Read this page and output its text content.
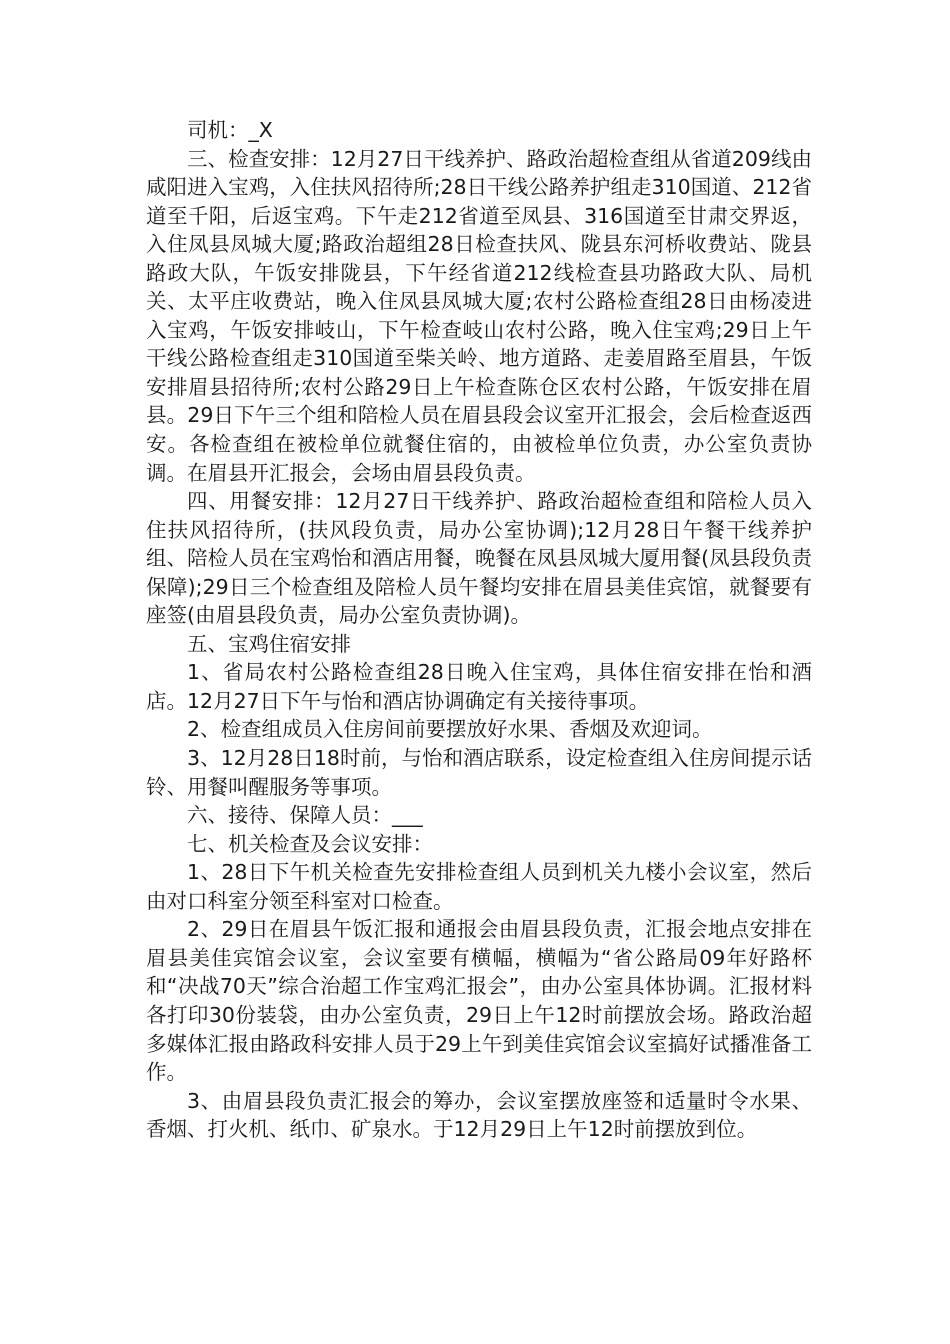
司机：_X

三、检查安排：12月27日干线养护、路政治超检查组从省道209线由咸阳进入宝鸡，入住扶风招待所;28日干线公路养护组走310国道、212省道至千阳，后返宝鸡。下午走212省道至凤县、316国道至甘肃交界返，入住凤县凤城大厦;路政治超组28日检查扶风、陇县东河桥收费站、陇县路政大队，午饭安排陇县，下午经省道212线检查县功路政大队、局机关、太平庄收费站，晚入住凤县凤城大厦;农村公路检查组28日由杨凌进入宝鸡，午饭安排岐山，下午检查岐山农村公路，晚入住宝鸡;29日上午干线公路检查组走310国道至柴关岭、地方道路、走姜眉路至眉县，午饭安排眉县招待所;农村公路29日上午检查陈仓区农村公路，午饭安排在眉县。29日下午三个组和陪检人员在眉县段会议室开汇报会，会后检查返西安。各检查组在被检单位就餐住宿的，由被检单位负责，办公室负责协调。在眉县开汇报会，会场由眉县段负责。

四、用餐安排：12月27日干线养护、路政治超检查组和陪检人员入住扶风招待所，(扶风段负责，局办公室协调);12月28日午餐干线养护组、陪检人员在宝鸡怡和酒店用餐，晚餐在凤县凤城大厦用餐(凤县段负责保障);29日三个检查组及陪检人员午餐均安排在眉县美佳宾馆，就餐要有座签(由眉县段负责，局办公室负责协调)。

五、宝鸡住宿安排

1、省局农村公路检查组28日晚入住宝鸡，具体住宿安排在怡和酒店。12月27日下午与怡和酒店协调确定有关接待事项。

2、检查组成员入住房间前要摆放好水果、香烟及欢迎词。

3、12月28日18时前，与怡和酒店联系，设定检查组入住房间提示话铃、用餐叫醒服务等事项。

六、接待、保障人员：___

七、机关检查及会议安排：

1、28日下午机关检查先安排检查组人员到机关九楼小会议室，然后由对口科室分领至科室对口检查。

2、29日在眉县午饭汇报和通报会由眉县段负责，汇报会地点安排在眉县美佳宾馆会议室，会议室要有横幅，横幅为“省公路局09年好路杯和“决战70天”综合治超工作宝鸡汇报会”，由办公室具体协调。汇报材料各打印30份装袋，由办公室负责，29日上午12时前摆放会场。路政治超多媒体汇报由路政科安排人员于29上午到美佳宾馆会议室搞好试播准备工作。

3、由眉县段负责汇报会的筹办，会议室摆放座签和适量时令水果、香烟、打火机、纸巾、矿泉水。于12月29日上午12时前摆放到位。
